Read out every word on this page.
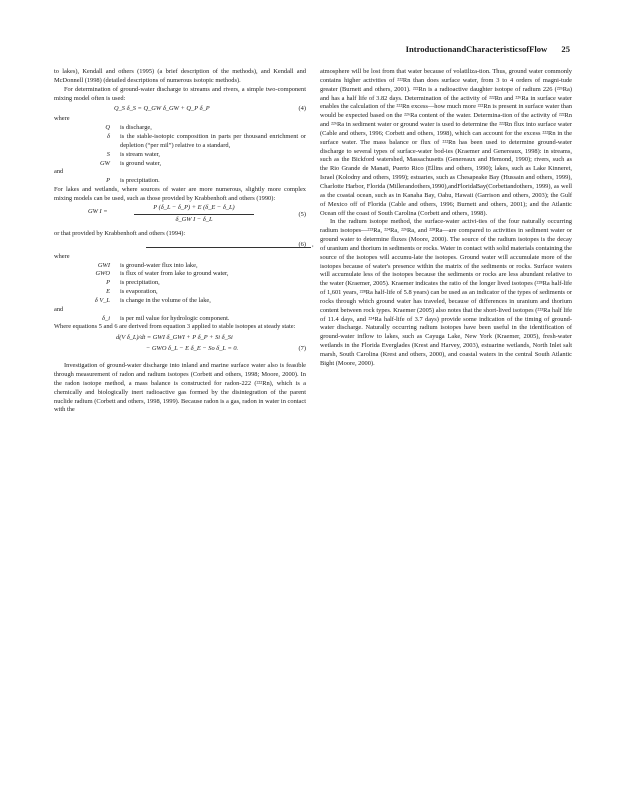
IntroductionandCharacteristicsofFlow 25

to lakes), Kendall and others (1995) (a brief description of the methods), and Kendall and McDonnell (1998) (detailed descriptions of numerous isotopic methods).

For determination of ground-water discharge to streams and rivers, a simple two-component mixing model often is used:

Q_S δ_S = Q_GW δ_GW + Q_P δ_P	(4)

where

Q	is discharge,
δ	is the stable-isotopic composition in parts per thousand enrichment or depletion (“per mil”) relative to a standard,
S	is stream water,
GW	is ground water,

and

P	is precipitation.

For lakes and wetlands, where sources of water are more numerous, slightly more complex mixing models can be used, such as those provided by Krabbenhoft and others (1990):

GW I =	$\frac{P (\delta\_L - \delta\_P) + E (\delta\_E - \delta\_L)}{\text{δ\_GW I − δ\_L}}$	(5)

or that provided by Krabbenhoft and others (1994):

,
(6)

where

GWI	is ground-water flux into lake,
GWO	is flux of water from lake to ground water,
P	is precipitation,
E	is evaporation,
δ V_L	is change in the volume of the lake,

and

δ_i	is per mil value for hydrologic component.

Where equations 5 and 6 are derived from equation 3 applied to stable isotopes at steady state:

d(V δ_L)/dt = GWI δ_GWI + P δ_P + Si δ_Si
− GWO δ_L − E δ_E − So δ_L = 0.	(7)

Investigation of ground-water discharge into inland and marine surface water also is feasible through measurement of radon and radium isotopes (Corbett and others, 1998; Moore, 2000). In the radon isotope method, a mass balance is constructed for radon-222 (²²²Rn), which is a chemically and biologically inert radioactive gas formed by the disintegration of the parent nuclide radium (Corbett and others, 1998, 1999). Because radon is a gas, radon in water in contact with the

atmosphere will be lost from that water because of volatiliza-tion. Thus, ground water commonly contains higher activities of ²²²Rn than does surface water, from 3 to 4 orders of magni-tude greater (Burnett and others, 2001). ²²²Rn is a radioactive daughter isotope of radium 226 (²²⁶Ra) and has a half life of 3.82 days. Determination of the activity of ²²²Rn and ²²⁶Ra in surface water enables the calculation of the ²²²Rn excess—how much more ²²²Rn is present in surface water than would be expected based on the ²²⁶Ra content of the water. Determina-tion of the activity of ²²²Rn and ²²⁶Ra in sediment water or ground water is used to determine the ²²²Rn flux into surface water (Cable and others, 1996; Corbett and others, 1998), which can account for the excess ²²²Rn in the surface water. The mass balance or flux of ²²²Rn has been used to determine ground-water discharge to several types of surface-water bod-ies (Kraemer and Genereaux, 1998): in streams, such as the Bickford watershed, Massachusetts (Genereaux and Hemond, 1990); rivers, such as the Rio Grande de Manati, Puerto Rico (Ellins and others, 1990); lakes, such as Lake Kinneret, Israel (Kolodny and others, 1999); estuaries, such as Chesapeake Bay (Hussain and others, 1999), Charlotte Harbor, Florida (Millerandothers,1990),andFloridaBay(Corbettandothers, 1999), as well as the coastal ocean, such as in Kanaha Bay, Oahu, Hawaii (Garrison and others, 2003); the Gulf of Mexico off of Florida (Cable and others, 1996; Burnett and others, 2001); and the Atlantic Ocean off the coast of South Carolina (Corbett and others, 1998).

In the radium isotope method, the surface-water activi-ties of the four naturally occurring radium isotopes—²²³Ra, ²²⁴Ra, ²²⁶Ra, and ²²⁸Ra—are compared to activities in sediment water or ground water to determine fluxes (Moore, 2000). The source of the radium isotopes is the decay of uranium and thorium in sediments or rocks. Water in contact with solid materials containing the source of the isotopes will accumu-late the isotopes. Ground water will accumulate more of the isotopes because of water's presence within the matrix of the sediments or rocks. Surface waters will accumulate less of the isotopes because the sediments or rocks are less abundant relative to the water (Kraemer, 2005). Kraemer indicates the ratio of the longer lived isotopes (²²⁸Ra half-life of 1,601 years, ²²⁸Ra half-life of 5.8 years) can be used as an indicator of the types of sediments or rocks through which ground water has traveled, because of differences in uranium and thorium content between rock types. Kraemer (2005) also notes that the short-lived isotopes (²²³Ra half life of 11.4 days, and ²²⁴Ra half-life of 3.7 days) provide some indication of the timing of ground-water discharge. Naturally occurring radium isotopes have been useful in the identification of ground-water inflow to lakes, such as Cayuga Lake, New York (Kraemer, 2005), fresh-water wetlands in the Florida Everglades (Krest and Harvey, 2003), estuarine wetlands, North Inlet salt marsh, South Carolina (Krest and others, 2000), and coastal waters in the central South Atlantic Bight (Moore, 2000).
